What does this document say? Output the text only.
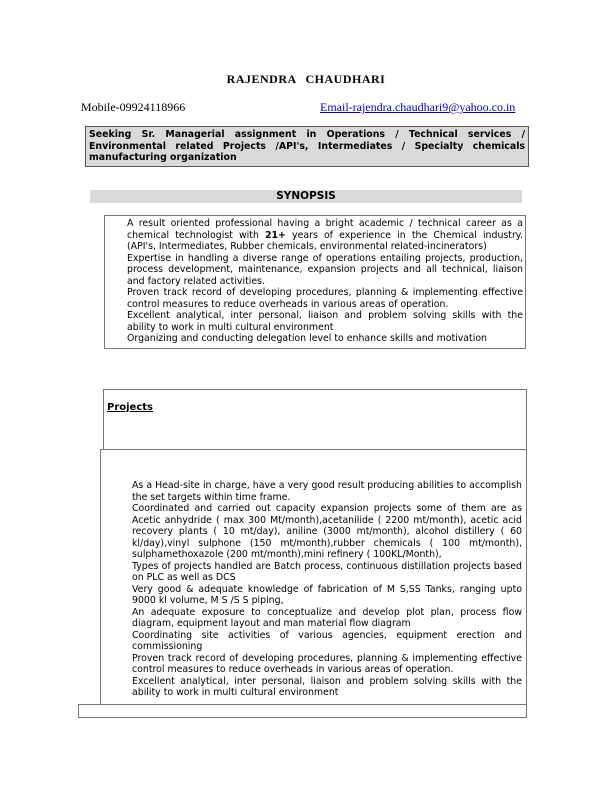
RAJENDRA CHAUDHARI
Mobile-09924118966	Email-rajendra.chaudhari9@yahoo.co.in
Seeking Sr. Managerial assignment in Operations / Technical services / Environmental related Projects /API's, Intermediates / Specialty chemicals manufacturing organization
SYNOPSIS
A result oriented professional having a bright academic / technical career as a chemical technologist with 21+ years of experience in the Chemical industry. (API's, Intermediates, Rubber chemicals, environmental related-incinerators)
Expertise in handling a diverse range of operations entailing projects, production, process development, maintenance, expansion projects and all technical, liaison and factory related activities.
Proven track record of developing procedures, planning & implementing effective control measures to reduce overheads in various areas of operation.
Excellent analytical, inter personal, liaison and problem solving skills with the ability to work in multi cultural environment
Organizing and conducting delegation level to enhance skills and motivation
Projects
As a Head-site in charge, have a very good result producing abilities to accomplish the set targets within time frame.
Coordinated and carried out capacity expansion projects some of them are as Acetic anhydride ( max 300 Mt/month),acetanilide ( 2200 mt/month), acetic acid recovery plants ( 10 mt/day), aniline (3000 mt/month), alcohol distillery ( 60 kl/day),vinyl sulphone (150 mt/month),rubber chemicals ( 100 mt/month), sulphamethoxazole (200 mt/month),mini refinery ( 100KL/Month),
Types of projects handled are Batch process, continuous distillation projects based on PLC as well as DCS
Very good & adequate knowledge of fabrication of M S,SS Tanks, ranging upto 9000 kl volume, M S /S S piping,
An adequate exposure to conceptualize and develop plot plan, process flow diagram, equipment layout and man material flow diagram
Coordinating site activities of various agencies, equipment erection and commissioning
Proven track record of developing procedures, planning & implementing effective control measures to reduce overheads in various areas of operation.
Excellent analytical, inter personal, liaison and problem solving skills with the ability to work in multi cultural environment
